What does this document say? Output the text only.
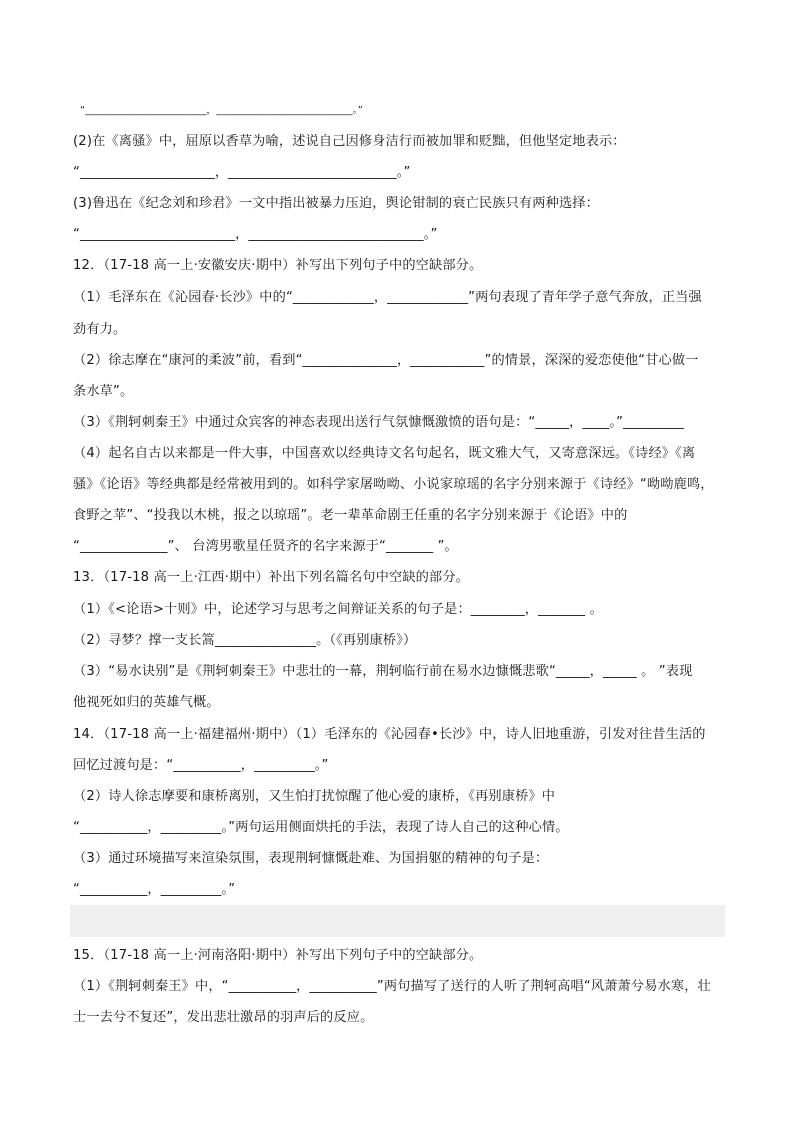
“________________________，___________________________。”
(2)在《离骚》中，屈原以香草为喻，述说自己因修身洁行而被加罪和贬黜，但他坚定地表示：
“____________________，_________________________。”
(3)鲁迅在《纪念刘和珍君》一文中指出被暴力压迫，舆论钳制的衰亡民族只有两种选择：
“_______________________，__________________________。”
12．（17-18 高一上·安徽安庆·期中）补写出下列句子中的空缺部分。
（1）毛泽东在《沁园春·长沙》中的“____________，____________”两句表现了青年学子意气奔放，正当强
劲有力。
（2）徐志摩在“康河的柔波”前，看到“______________，___________”的情景，深深的爱恋使他“甘心做一
条水草”。
（3）《荆轲刺秦王》中通过众宾客的神态表现出送行气氛慷慨激愤的语句是：“_____，____。”_________
（4）起名自古以来都是一件大事，中国喜欢以经典诗文名句起名，既文雅大气，又寄意深远。《诗经》《离
骚》《论语》等经典都是经常被用到的。如科学家屠呦呦、小说家琼瑶的名字分别来源于《诗经》“呦呦鹿鸣，
食野之苹”、“投我以木桃，报之以琼瑶”。老一辈革命剧王任重的名字分别来源于《论语》中的
“_____________”、 台湾男歌星任贤齐的名字来源于“_______ ”。
13．（17-18 高一上·江西·期中）补出下列名篇名句中空缺的部分。
（1）《<论语>十则》中，论述学习与思考之间辩证关系的句子是：________，_______ 。
（2）寻梦？撑一支长篙_______________。（《再别康桥》）
（3）“易水诀别”是《荆轲刺秦王》中悲壮的一幕，荆轲临行前在易水边慷慨悲歌“_____，_____ 。 ”表现
他视死如归的英雄气概。
14．（17-18 高一上·福建福州·期中）（1）毛泽东的《沁园春•长沙》中，诗人旧地重游，引发对往昔生活的
回忆过渡句是：“__________，_________。”
（2）诗人徐志摩要和康桥离别，又生怕打扰惊醒了他心爱的康桥，《再别康桥》中
“__________，_________。”两句运用侧面烘托的手法，表现了诗人自己的这种心情。
（3）通过环境描写来渲染氛围，表现荆轲慷慨赴难、为国捐躯的精神的句子是：
“__________，_________。”
15．（17-18 高一上·河南洛阳·期中）补写出下列句子中的空缺部分。
（1）《荆轲刺秦王》中，“__________，__________”两句描写了送行的人听了荆轲高唱“风萧萧兮易水寒，壮
士一去兮不复还”，发出悲壮激昂的羽声后的反应。
